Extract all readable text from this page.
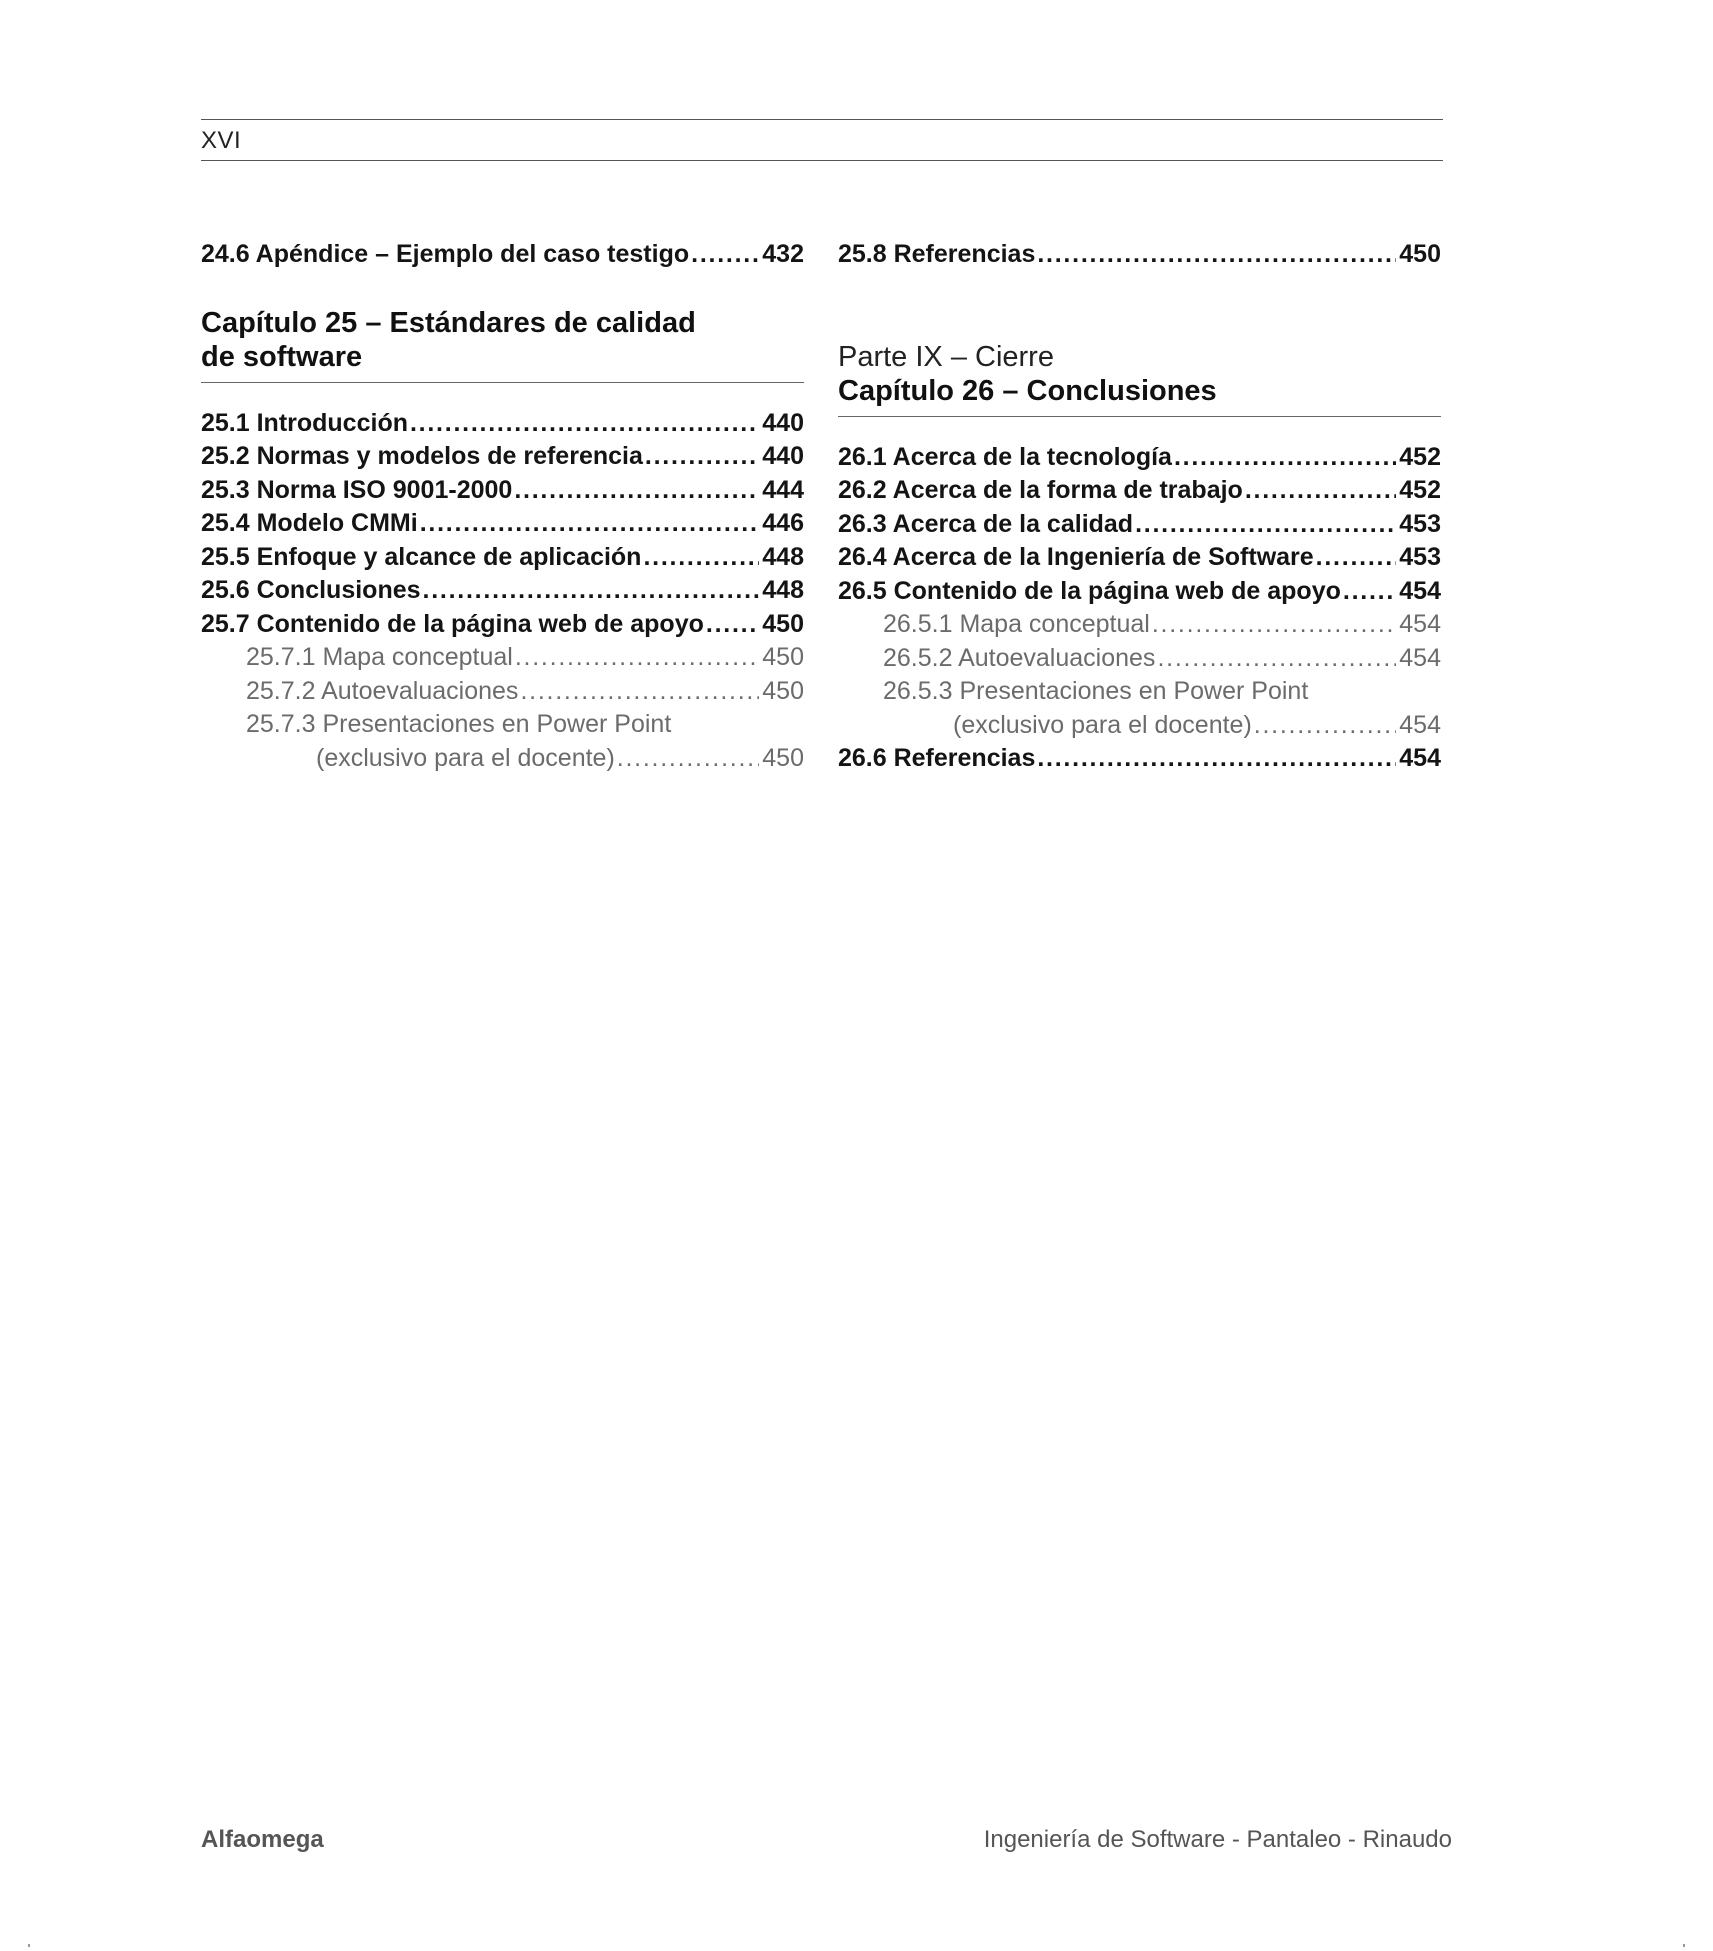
XVI
24.6 Apéndice – Ejemplo del caso testigo . . .	432
Capítulo 25 – Estándares de calidad
de software
25.1 Introducción . . .	440
25.2 Normas y modelos de referencia . . .	440
25.3 Norma ISO 9001-2000 . . .	444
25.4 Modelo CMMi . . .	446
25.5 Enfoque y alcance de aplicación . . .	448
25.6 Conclusiones . . .	448
25.7 Contenido de la página web de apoyo . . . 450
25.7.1 Mapa conceptual . . .	450
25.7.2 Autoevaluaciones . . .	450
25.7.3 Presentaciones en Power Point
(exclusivo para el docente) . . .	450
25.8 Referencias . . .	450
Parte IX – Cierre
Capítulo 26 – Conclusiones
26.1 Acerca de la tecnología . . .	452
26.2 Acerca de la forma de trabajo . . .	452
26.3 Acerca de la calidad . . .	453
26.4 Acerca de la Ingeniería de Software . . .	453
26.5 Contenido de la página web de apoyo . . . 454
26.5.1 Mapa conceptual . . .	454
26.5.2 Autoevaluaciones . . .	454
26.5.3 Presentaciones en Power Point
(exclusivo para el docente) . . .	454
26.6 Referencias . . .	454
Alfaomega	Ingeniería de Software - Pantaleo - Rinaudo
